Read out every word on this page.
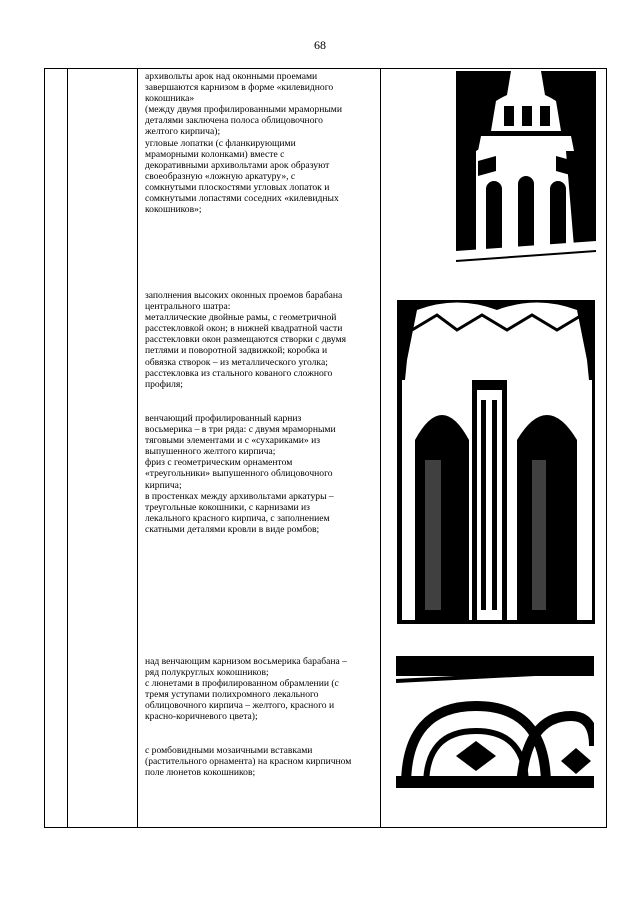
68

архивольты арок над оконными проемами
завершаются карнизом в форме «килевидного
кокошника»
(между двумя профилированными мраморными
деталями заключена полоса облицовочного
желтого кирпича);
угловые лопатки (с фланкирующими
мраморными колонками) вместе с
декоративными архивольтами арок образуют
своеобразную «ложную аркатуру», с
сомкнутыми плоскостями угловых лопаток и
сомкнутыми лопастями соседних «килевидных
кокошников»;

заполнения высоких оконных проемов барабана
центрального шатра:
металлические двойные рамы, с геометричной
расстекловкой окон; в нижней квадратной части
расстекловки окон размещаются створки с двумя
петлями и поворотной задвижкой; коробка и
обвязка створок – из металлического уголка;
расстекловка из стального кованого сложного
профиля;

венчающий профилированный карниз
восьмерика – в три ряда: с двумя мраморными
тяговыми элементами и с «сухариками» из
выпушенного желтого кирпича;
фриз с геометрическим орнаментом
«треугольники» выпушенного облицовочного
кирпича;
в простенках между архивольтами аркатуры –
треугольные кокошники, с карнизами из
лекального красного кирпича, с заполнением
скатными деталями кровли в виде ромбов;

над венчающим карнизом восьмерика барабана –
ряд полукруглых кокошников;
с люнетами в профилированном обрамлении (с
тремя уступами полихромного лекального
облицовочного кирпича – желтого, красного и
красно-коричневого цвета);

с ромбовидными мозаичными вставками
(растительного орнамента) на красном кирпичном
поле люнетов кокошников;
